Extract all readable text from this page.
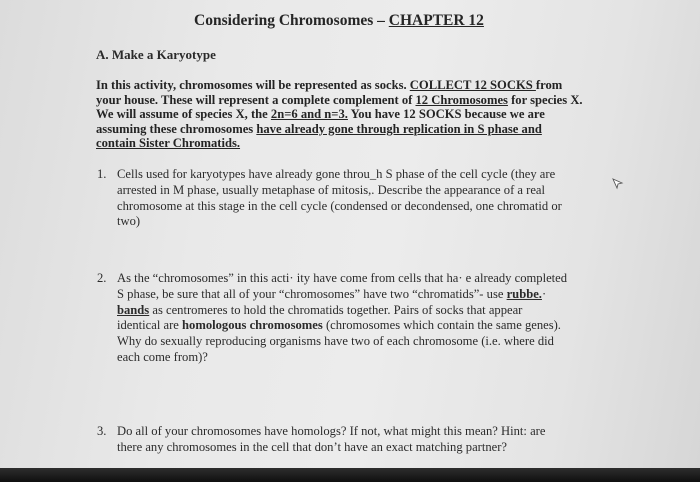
Considering Chromosomes – CHAPTER 12
A. Make a Karyotype
In this activity, chromosomes will be represented as socks. COLLECT 12 SOCKS from
your house. These will represent a complete complement of 12 Chromosomes for species X.
We will assume of species X, the 2n=6 and n=3. You have 12 SOCKS because we are
assuming these chromosomes have already gone through replication in S phase and
contain Sister Chromatids.
1. Cells used for karyotypes have already gone throu_h S phase of the cell cycle (they are
arrested in M phase, usually metaphase of mitosis,. Describe the appearance of a real
chromosome at this stage in the cell cycle (condensed or decondensed, one chromatid or
two)
2. As the “chromosomes” in this acti· ity have come from cells that ha· e already completed
S phase, be sure that all of your “chromosomes” have two “chromatids”- use rubbe.·
bands as centromeres to hold the chromatids together. Pairs of socks that appear
identical are homologous chromosomes (chromosomes which contain the same genes).
Why do sexually reproducing organisms have two of each chromosome (i.e. where did
each come from)?
3. Do all of your chromosomes have homologs? If not, what might this mean? Hint: are
there any chromosomes in the cell that don’t have an exact matching partner?
